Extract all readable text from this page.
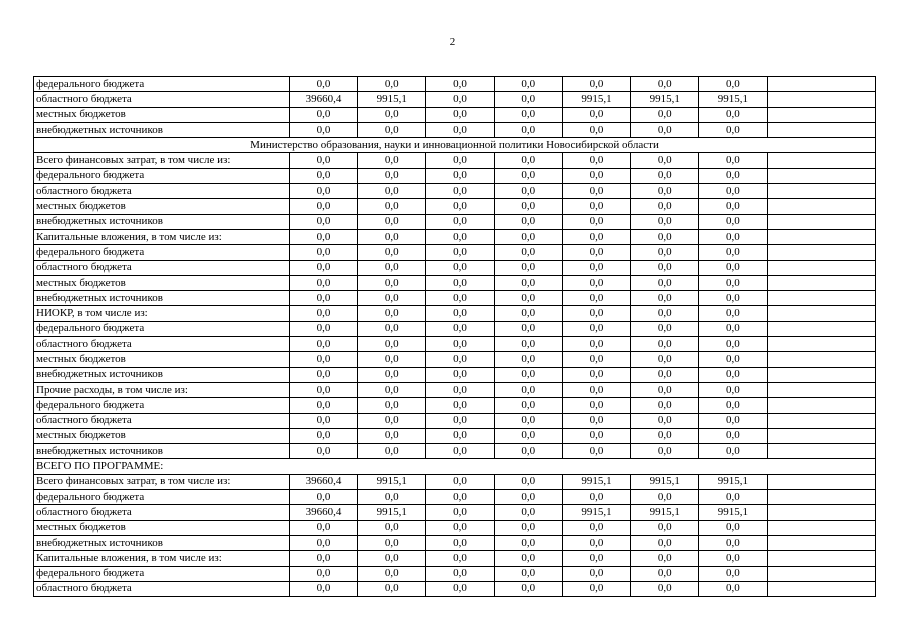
2
федерального бюджета	0,0	0,0	0,0	0,0	0,0	0,0	0,0	
областного бюджета	39660,4	9915,1	0,0	0,0	9915,1	9915,1	9915,1	
местных бюджетов	0,0	0,0	0,0	0,0	0,0	0,0	0,0	
внебюджетных источников	0,0	0,0	0,0	0,0	0,0	0,0	0,0	
Министерство образования, науки и инновационной политики Новосибирской области								
Всего финансовых затрат, в том числе из:	0,0	0,0	0,0	0,0	0,0	0,0	0,0	
федерального бюджета	0,0	0,0	0,0	0,0	0,0	0,0	0,0	
областного бюджета	0,0	0,0	0,0	0,0	0,0	0,0	0,0	
местных бюджетов	0,0	0,0	0,0	0,0	0,0	0,0	0,0	
внебюджетных источников	0,0	0,0	0,0	0,0	0,0	0,0	0,0	
Капитальные вложения, в том числе из:	0,0	0,0	0,0	0,0	0,0	0,0	0,0	
федерального бюджета	0,0	0,0	0,0	0,0	0,0	0,0	0,0	
областного бюджета	0,0	0,0	0,0	0,0	0,0	0,0	0,0	
местных бюджетов	0,0	0,0	0,0	0,0	0,0	0,0	0,0	
внебюджетных источников	0,0	0,0	0,0	0,0	0,0	0,0	0,0	
НИОКР, в том числе из:	0,0	0,0	0,0	0,0	0,0	0,0	0,0	
федерального бюджета	0,0	0,0	0,0	0,0	0,0	0,0	0,0	
областного бюджета	0,0	0,0	0,0	0,0	0,0	0,0	0,0	
местных бюджетов	0,0	0,0	0,0	0,0	0,0	0,0	0,0	
внебюджетных источников	0,0	0,0	0,0	0,0	0,0	0,0	0,0	
Прочие расходы, в том числе из:	0,0	0,0	0,0	0,0	0,0	0,0	0,0	
федерального бюджета	0,0	0,0	0,0	0,0	0,0	0,0	0,0	
областного бюджета	0,0	0,0	0,0	0,0	0,0	0,0	0,0	
местных бюджетов	0,0	0,0	0,0	0,0	0,0	0,0	0,0	
внебюджетных источников	0,0	0,0	0,0	0,0	0,0	0,0	0,0	
ВСЕГО ПО ПРОГРАММЕ:								
Всего финансовых затрат, в том числе из:	39660,4	9915,1	0,0	0,0	9915,1	9915,1	9915,1	
федерального бюджета	0,0	0,0	0,0	0,0	0,0	0,0	0,0	
областного бюджета	39660,4	9915,1	0,0	0,0	9915,1	9915,1	9915,1	
местных бюджетов	0,0	0,0	0,0	0,0	0,0	0,0	0,0	
внебюджетных источников	0,0	0,0	0,0	0,0	0,0	0,0	0,0	
Капитальные вложения, в том числе из:	0,0	0,0	0,0	0,0	0,0	0,0	0,0	
федерального бюджета	0,0	0,0	0,0	0,0	0,0	0,0	0,0	
областного бюджета	0,0	0,0	0,0	0,0	0,0	0,0	0,0	
